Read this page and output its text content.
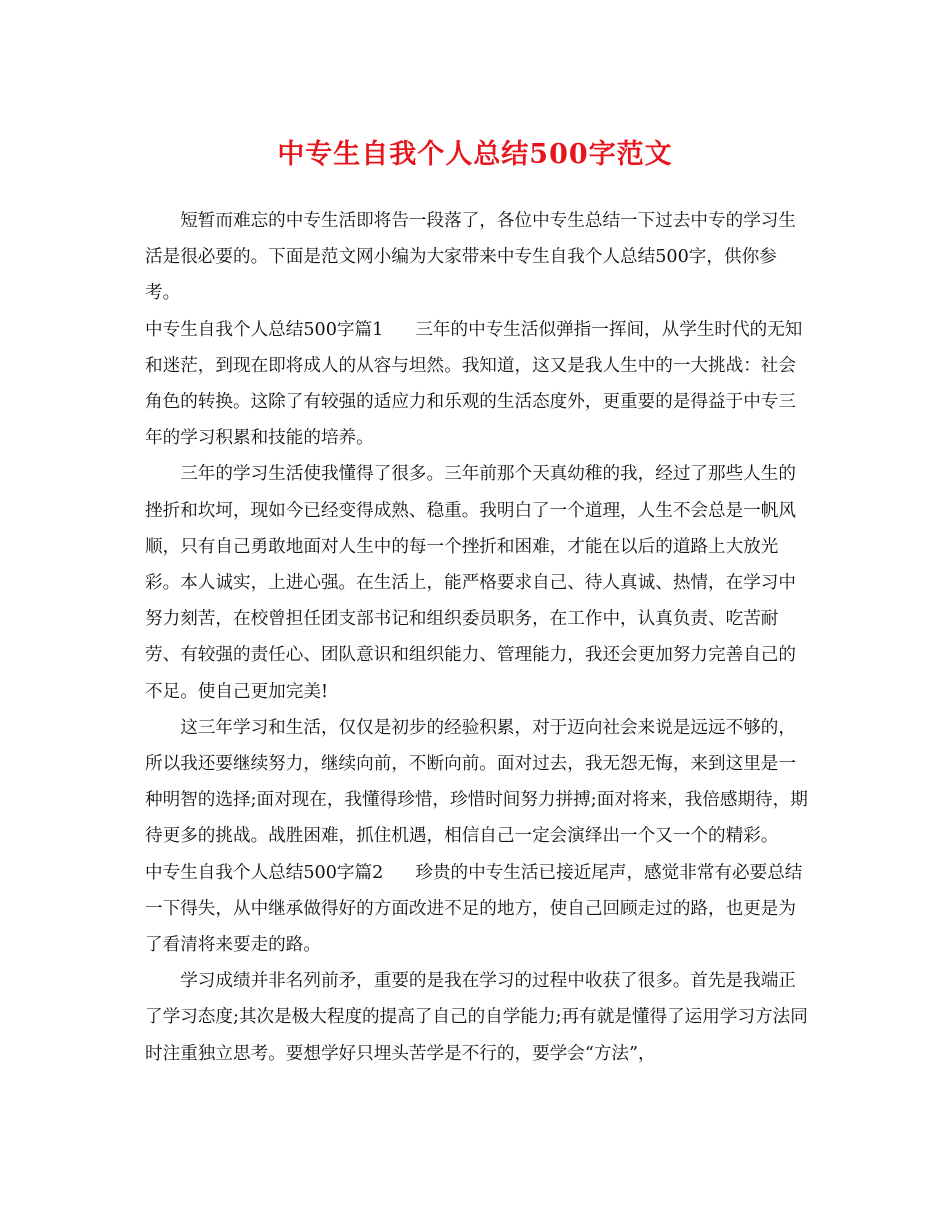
中专生自我个人总结500字范文

短暂而难忘的中专生活即将告一段落了，各位中专生总结一下过去中专的学习生活是很必要的。下面是范文网小编为大家带来中专生自我个人总结500字，供你参考。

中专生自我个人总结500字篇1 三年的中专生活似弹指一挥间，从学生时代的无知和迷茫，到现在即将成人的从容与坦然。我知道，这又是我人生中的一大挑战：社会角色的转换。这除了有较强的适应力和乐观的生活态度外，更重要的是得益于中专三年的学习积累和技能的培养。

三年的学习生活使我懂得了很多。三年前那个天真幼稚的我，经过了那些人生的挫折和坎坷，现如今已经变得成熟、稳重。我明白了一个道理，人生不会总是一帆风顺，只有自己勇敢地面对人生中的每一个挫折和困难，才能在以后的道路上大放光彩。本人诚实，上进心强。在生活上，能严格要求自己、待人真诚、热情，在学习中努力刻苦，在校曾担任团支部书记和组织委员职务，在工作中，认真负责、吃苦耐劳、有较强的责任心、团队意识和组织能力、管理能力，我还会更加努力完善自己的不足。使自己更加完美!

这三年学习和生活，仅仅是初步的经验积累，对于迈向社会来说是远远不够的，所以我还要继续努力，继续向前，不断向前。面对过去，我无怨无悔，来到这里是一种明智的选择;面对现在，我懂得珍惜，珍惜时间努力拼搏;面对将来，我倍感期待，期待更多的挑战。战胜困难，抓住机遇，相信自己一定会演绎出一个又一个的精彩。

中专生自我个人总结500字篇2 珍贵的中专生活已接近尾声，感觉非常有必要总结一下得失，从中继承做得好的方面改进不足的地方，使自己回顾走过的路，也更是为了看清将来要走的路。

学习成绩并非名列前矛，重要的是我在学习的过程中收获了很多。首先是我端正了学习态度;其次是极大程度的提高了自己的自学能力;再有就是懂得了运用学习方法同时注重独立思考。要想学好只埋头苦学是不行的，要学会“方法”，
